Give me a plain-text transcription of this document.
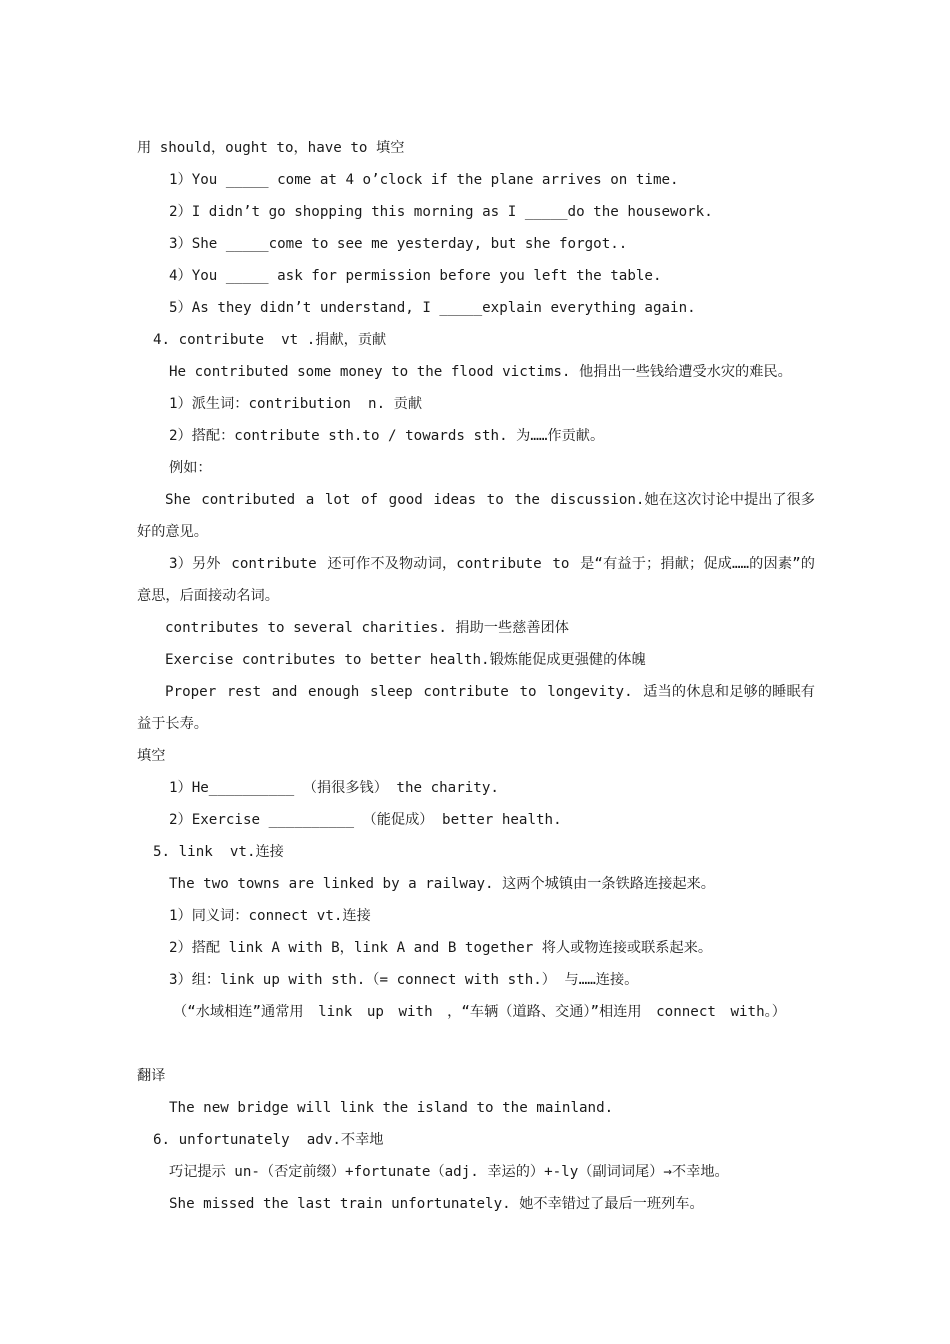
用 should，ought to，have to 填空
1）You _____ come at 4 o’clock if the plane arrives on time.
2）I didn’t go shopping this morning as I _____do the housework.
3）She _____come to see me yesterday, but she forgot..
4）You _____ ask for permission before you left the table.
5）As they didn’t understand, I _____explain everything again.
4. contribute  vt .捐献，贡献
He contributed some money to the flood victims. 他捐出一些钱给遭受水灾的难民。
1）派生词：contribution  n. 贡献
2）搭配：contribute sth.to / towards sth. 为……作贡献。
例如：
She contributed a lot of good ideas to the discussion.她在这次讨论中提出了很多好的意见。
3）另外 contribute 还可作不及物动词，contribute to 是“有益于；捐献；促成……的因素”的意思，后面接动名词。
contributes to several charities. 捐助一些慈善团体
Exercise contributes to better health.锻炼能促成更强健的体魄
Proper rest and enough sleep contribute to longevity. 适当的休息和足够的睡眠有益于长寿。
填空
1）He__________ （捐很多钱） the charity.
2）Exercise __________ （能促成） better health.
5. link  vt.连接
The two towns are linked by a railway. 这两个城镇由一条铁路连接起来。
1）同义词：connect vt.连接
2）搭配 link A with B，link A and B together 将人或物连接或联系起来。
3）组：link up with sth.（= connect with sth.） 与……连接。
（“水域相连”通常用 link up with ，“车辆（道路、交通）”相连用 connect with。）
翻译
The new bridge will link the island to the mainland.
6. unfortunately  adv.不幸地
巧记提示 un-（否定前缀）+fortunate（adj. 幸运的）+-ly（副词词尾）→不幸地。
She missed the last train unfortunately. 她不幸错过了最后一班列车。
